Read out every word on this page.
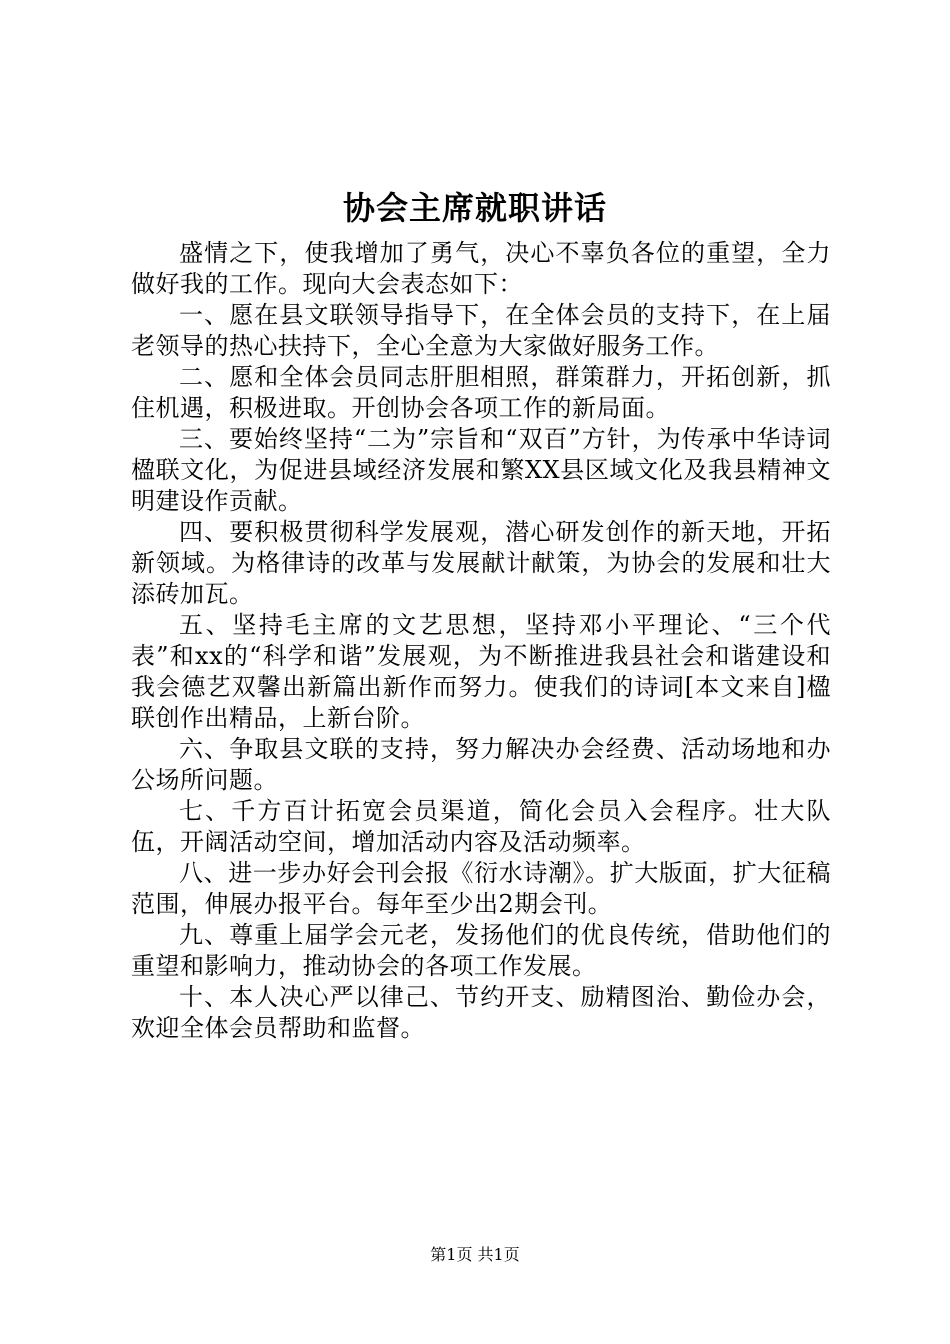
协会主席就职讲话

盛情之下，使我增加了勇气，决心不辜负各位的重望，全力做好我的工作。现向大会表态如下：

一、愿在县文联领导指导下，在全体会员的支持下，在上届老领导的热心扶持下，全心全意为大家做好服务工作。

二、愿和全体会员同志肝胆相照，群策群力，开拓创新，抓住机遇，积极进取。开创协会各项工作的新局面。

三、要始终坚持“二为”宗旨和“双百”方针，为传承中华诗词楹联文化，为促进县域经济发展和繁XX县区域文化及我县精神文明建设作贡献。

四、要积极贯彻科学发展观，潜心研发创作的新天地，开拓新领域。为格律诗的改革与发展献计献策，为协会的发展和壮大添砖加瓦。

五、坚持毛主席的文艺思想，坚持邓小平理论、“三个代表”和xx的“科学和谐”发展观，为不断推进我县社会和谐建设和我会德艺双馨出新篇出新作而努力。使我们的诗词[本文来自]楹联创作出精品，上新台阶。

六、争取县文联的支持，努力解决办会经费、活动场地和办公场所问题。

七、千方百计拓宽会员渠道，简化会员入会程序。壮大队伍，开阔活动空间，增加活动内容及活动频率。

八、进一步办好会刊会报《衍水诗潮》。扩大版面，扩大征稿范围，伸展办报平台。每年至少出2期会刊。

九、尊重上届学会元老，发扬他们的优良传统，借助他们的重望和影响力，推动协会的各项工作发展。

十、本人决心严以律己、节约开支、励精图治、勤俭办会，欢迎全体会员帮助和监督。

第1页 共1页
